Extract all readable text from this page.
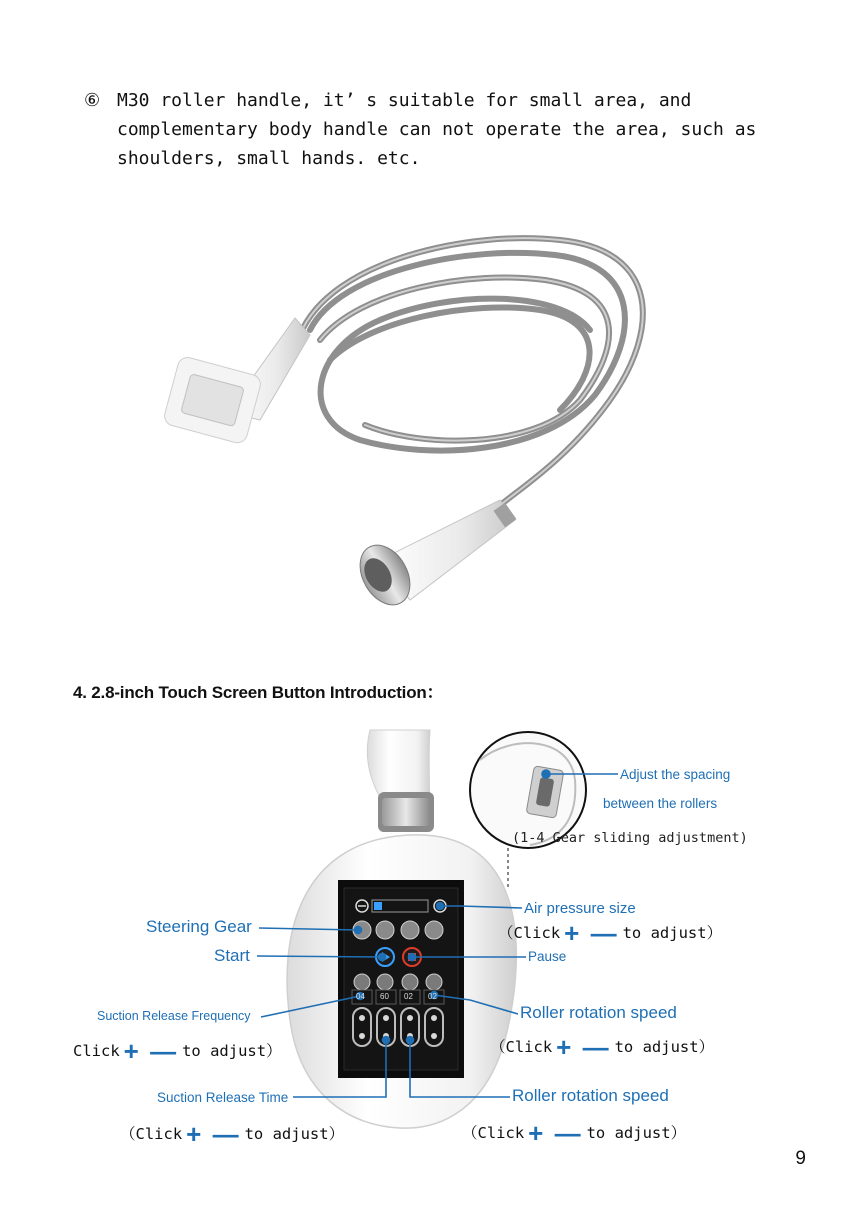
⑥ M30 roller handle, it’ s suitable for small area, and
complementary body handle can not operate the area, such as
shoulders, small hands. etc.
04 60 02 02
4. 2.8-inch Touch Screen Button Introduction：
Adjust the spacing
between the rollers
(1-4 Gear sliding adjustment)
Air pressure size
（Click + — to adjust）
Steering Gear
Start	Pause
Suction Release Frequency
Click + — to adjust）
Roller rotation speed
（Click + — to adjust）
Suction Release Time
（Click + — to adjust）
Roller rotation speed
（Click + — to adjust）
9
